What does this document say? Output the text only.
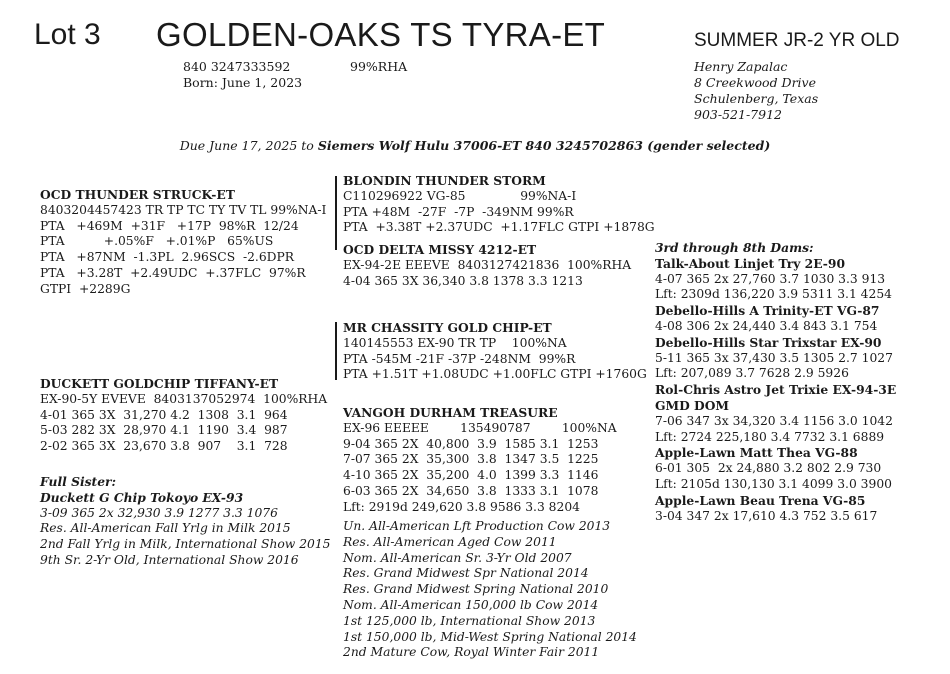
Lot 3 GOLDEN-OAKS TS TYRA-ET	SUMMER JR-2 YR OLD
840 3247333592	99%RHA
Born: June 1, 2023
Henry Zapalac
8 Creekwood Drive
Schulenberg, Texas
903-521-7912
Due June 17, 2025 to Siemers Wolf Hulu 37006-ET 840 3245702863 (gender selected)
OCD THUNDER STRUCK-ET
8403204457423 TR TP TC TY TV TL 99%NA-I
PTA   +469M  +31F   +17P  98%R  12/24
PTA          +.05%F   +.01%P   65%US
PTA   +87NM  -1.3PL  2.96SCS  -2.6DPR
PTA   +3.28T  +2.49UDC  +.37FLC  97%R
GTPI  +2289G
DUCKETT GOLDCHIP TIFFANY-ET
EX-90-5Y EVEVE  8403137052974  100%RHA
4-01 365 3X  31,270 4.2  1308  3.1  964
5-03 282 3X  28,970 4.1  1190  3.4  987
2-02 365 3X  23,670 3.8  907    3.1  728
Full Sister:
Duckett G Chip Tokoyo EX-93
3-09 365 2x 32,930 3.9 1277 3.3 1076
Res. All-American Fall Yrlg in Milk 2015
2nd Fall Yrlg in Milk, International Show 2015
9th Sr. 2-Yr Old, International Show 2016
BLONDIN THUNDER STORM
C110296922 VG-85              99%NA-I
PTA +48M  -27F  -7P  -349NM 99%R
PTA  +3.38T +2.37UDC  +1.17FLC GTPI +1878G
OCD DELTA MISSY 4212-ET
EX-94-2E EEEVE  8403127421836  100%RHA
4-04 365 3X 36,340 3.8 1378 3.3 1213
MR CHASSITY GOLD CHIP-ET
140145553 EX-90 TR TP    100%NA
PTA -545M -21F -37P -248NM  99%R
PTA +1.51T +1.08UDC +1.00FLC GTPI +1760G
VANGOH DURHAM TREASURE
EX-96 EEEEE        135490787        100%NA
9-04 365 2X  40,800  3.9  1585 3.1  1253
7-07 365 2X  35,300  3.8  1347 3.5  1225
4-10 365 2X  35,200  4.0  1399 3.3  1146
6-03 365 2X  34,650  3.8  1333 3.1  1078
Lft: 2919d 249,620 3.8 9586 3.3 8204
Un. All-American Lft Production Cow 2013
Res. All-American Aged Cow 2011
Nom. All-American Sr. 3-Yr Old 2007
Res. Grand Midwest Spr National 2014
Res. Grand Midwest Spring National 2010
Nom. All-American 150,000 lb Cow 2014
1st 125,000 lb, International Show 2013
1st 150,000 lb, Mid-West Spring National 2014
2nd Mature Cow, Royal Winter Fair 2011
3rd through 8th Dams:
Talk-About Linjet Try 2E-90
4-07 365 2x 27,760 3.7 1030 3.3 913
Lft: 2309d 136,220 3.9 5311 3.1 4254
Debello-Hills A Trinity-ET VG-87
4-08 306 2x 24,440 3.4 843 3.1 754
Debello-Hills Star Trixstar EX-90
5-11 365 3x 37,430 3.5 1305 2.7 1027
Lft: 207,089 3.7 7628 2.9 5926
Rol-Chris Astro Jet Trixie EX-94-3E
GMD DOM
7-06 347 3x 34,320 3.4 1156 3.0 1042
Lft: 2724 225,180 3.4 7732 3.1 6889
Apple-Lawn Matt Thea VG-88
6-01 305  2x 24,880 3.2 802 2.9 730
Lft: 2105d 130,130 3.1 4099 3.0 3900
Apple-Lawn Beau Trena VG-85
3-04 347 2x 17,610 4.3 752 3.5 617
